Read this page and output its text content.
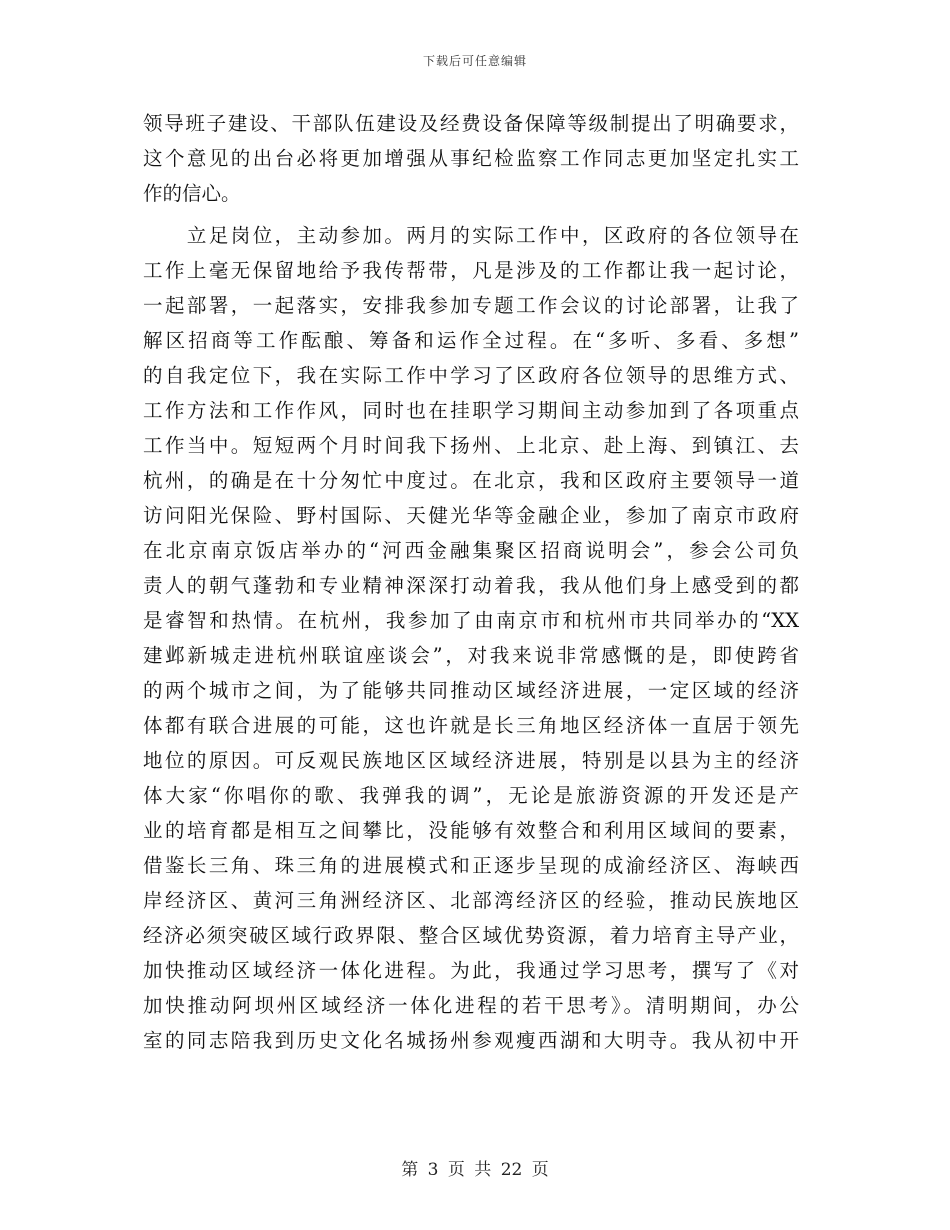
下载后可任意编辑
领导班子建设、干部队伍建设及经费设备保障等级制提出了明确要求，
这个意见的出台必将更加增强从事纪检监察工作同志更加坚定扎实工
作的信心。
　　立足岗位，主动参加。两月的实际工作中，区政府的各位领导在
工作上毫无保留地给予我传帮带，凡是涉及的工作都让我一起讨论，
一起部署，一起落实，安排我参加专题工作会议的讨论部署，让我了
解区招商等工作酝酿、筹备和运作全过程。在“多听、多看、多想”
的自我定位下，我在实际工作中学习了区政府各位领导的思维方式、
工作方法和工作作风，同时也在挂职学习期间主动参加到了各项重点
工作当中。短短两个月时间我下扬州、上北京、赴上海、到镇江、去
杭州，的确是在十分匆忙中度过。在北京，我和区政府主要领导一道
访问阳光保险、野村国际、天健光华等金融企业，参加了南京市政府
在北京南京饭店举办的“河西金融集聚区招商说明会”，参会公司负
责人的朝气蓬勃和专业精神深深打动着我，我从他们身上感受到的都
是睿智和热情。在杭州，我参加了由南京市和杭州市共同举办的“XX
建邺新城走进杭州联谊座谈会”，对我来说非常感慨的是，即使跨省
的两个城市之间，为了能够共同推动区域经济进展，一定区域的经济
体都有联合进展的可能，这也许就是长三角地区经济体一直居于领先
地位的原因。可反观民族地区区域经济进展，特别是以县为主的经济
体大家“你唱你的歌、我弹我的调”，无论是旅游资源的开发还是产
业的培育都是相互之间攀比，没能够有效整合和利用区域间的要素，
借鉴长三角、珠三角的进展模式和正逐步呈现的成渝经济区、海峡西
岸经济区、黄河三角洲经济区、北部湾经济区的经验，推动民族地区
经济必须突破区域行政界限、整合区域优势资源，着力培育主导产业，
加快推动区域经济一体化进程。为此，我通过学习思考，撰写了《对
加快推动阿坝州区域经济一体化进程的若干思考》。清明期间，办公
室的同志陪我到历史文化名城扬州参观瘦西湖和大明寺。我从初中开
第 3 页 共 22 页
